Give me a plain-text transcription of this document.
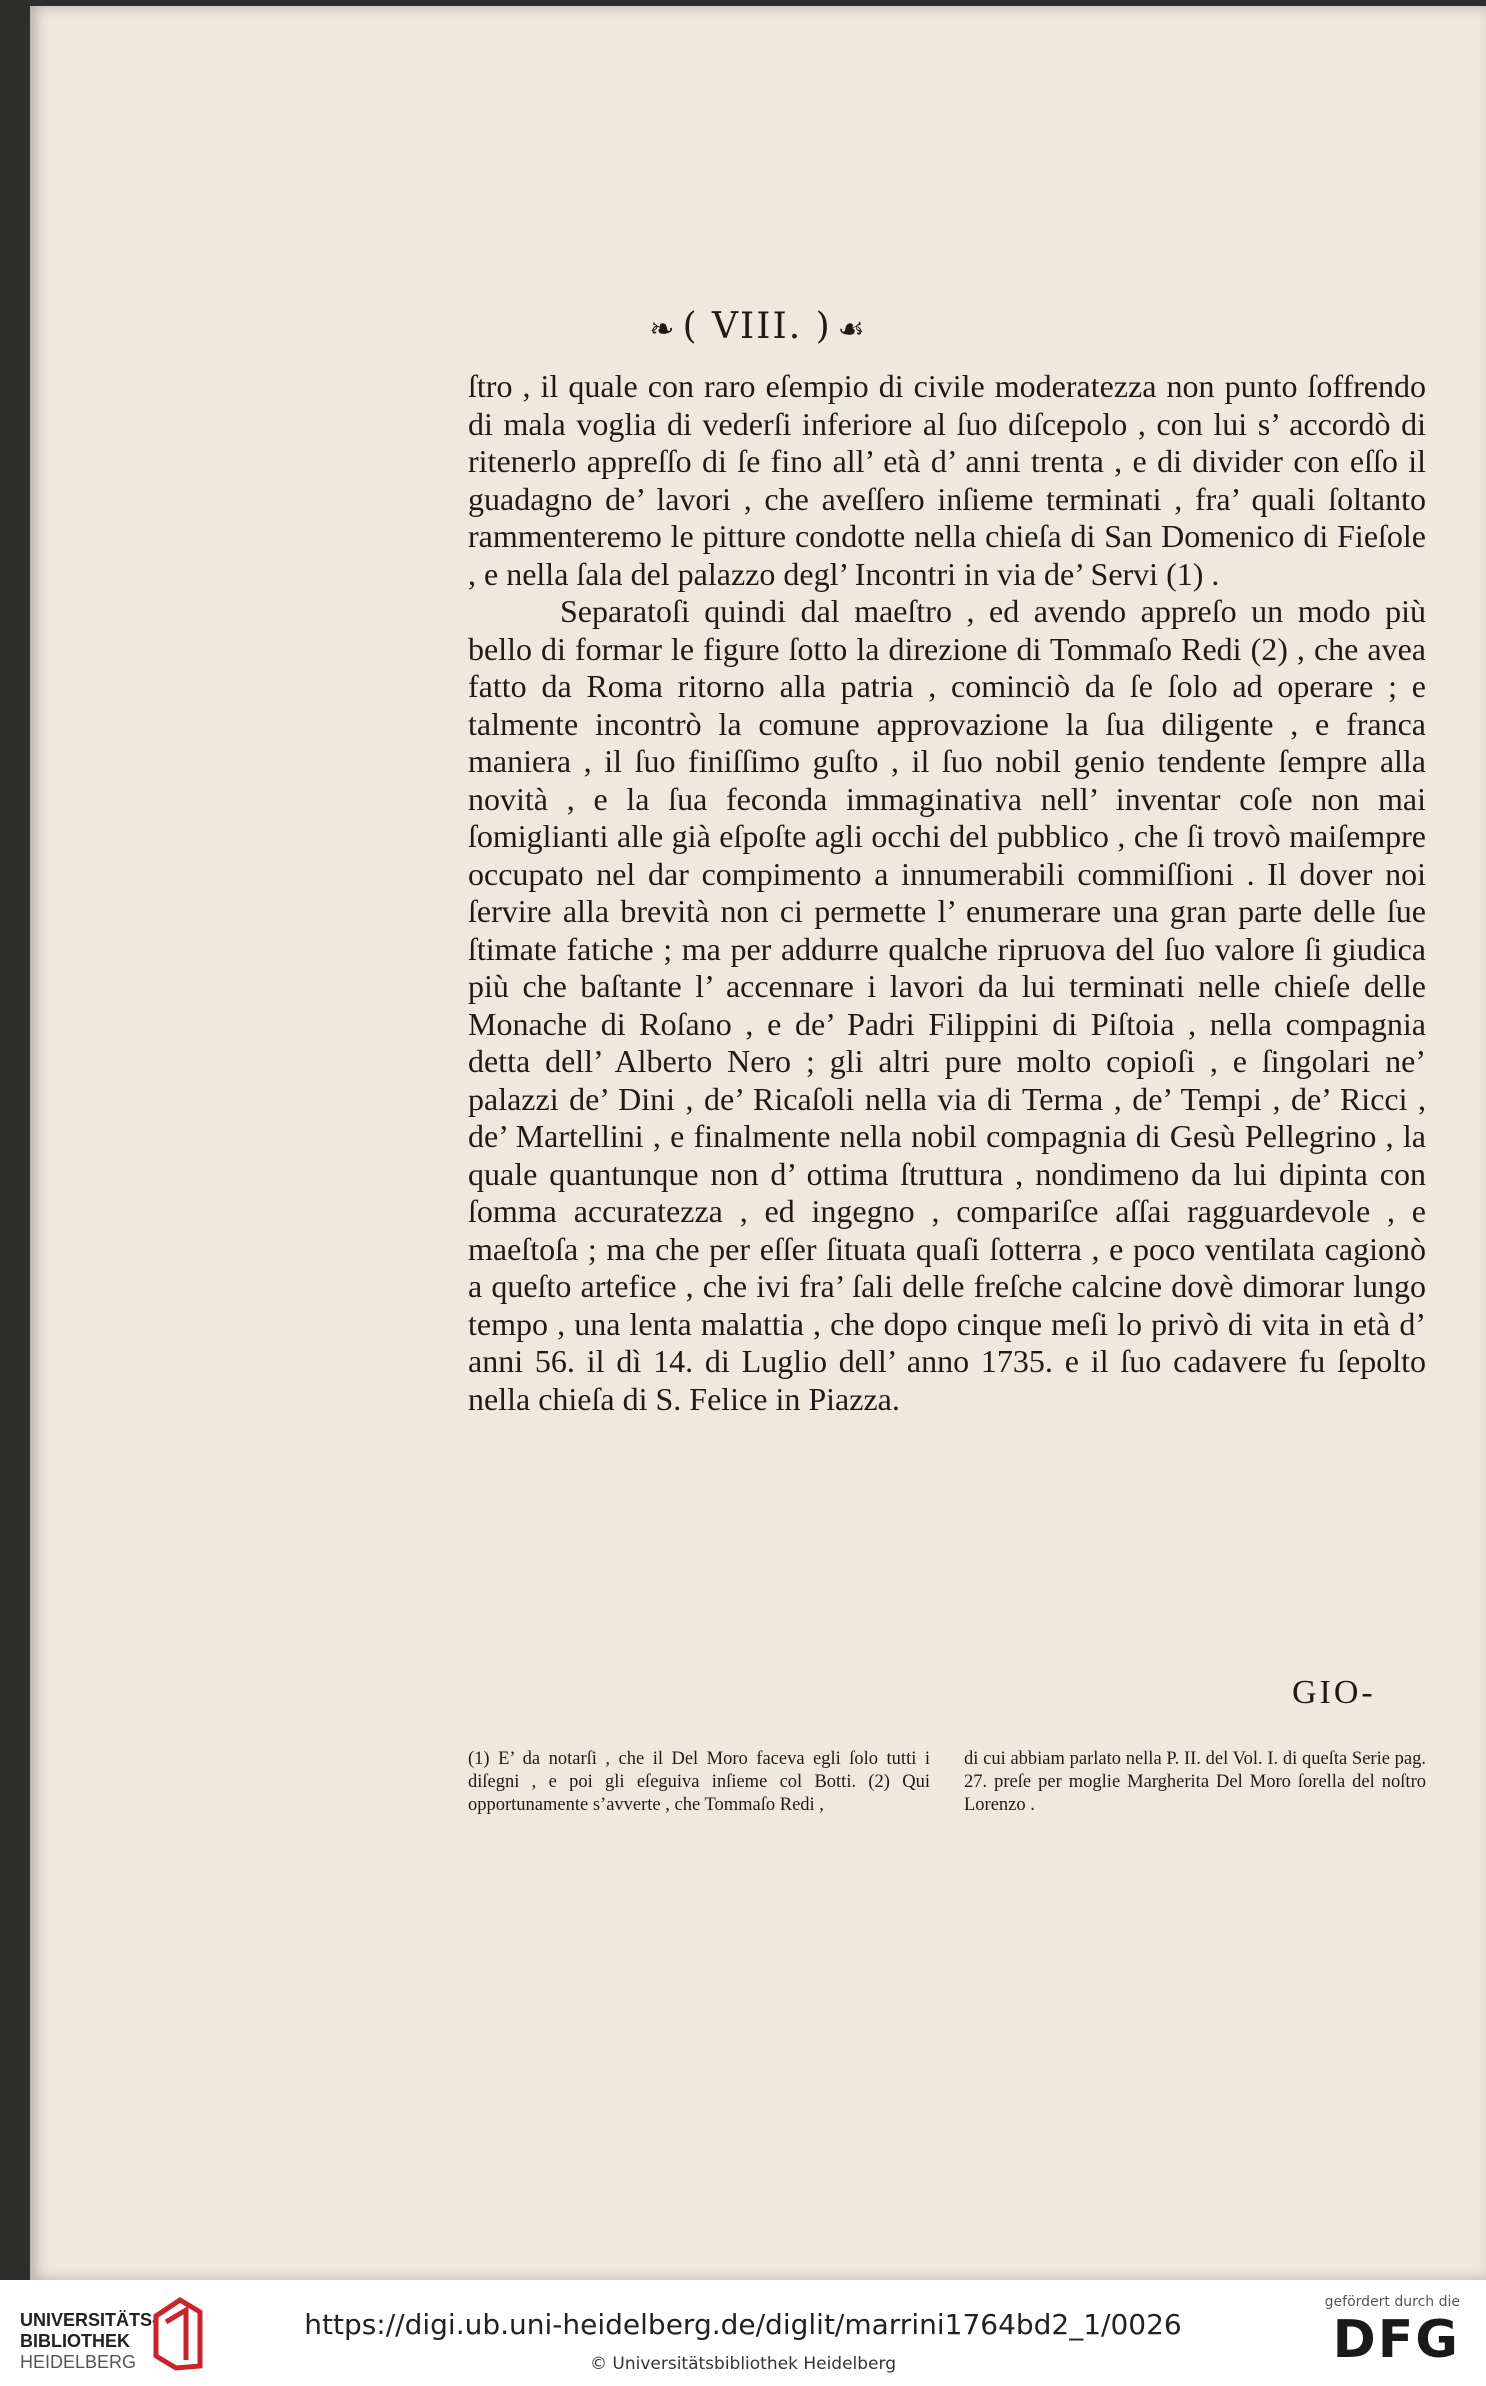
❧ ( VIII. ) ☙

ſtro , il quale con raro eſempio di civile moderatezza non punto ſoffrendo di mala voglia di vederſi inferiore al ſuo diſcepolo , con lui s’ accordò di ritenerlo appreſſo di ſe fino all’ età d’ anni trenta , e di divider con eſſo il guadagno de’ lavori , che aveſſero inſieme terminati , fra’ quali ſoltanto rammenteremo le pitture condotte nella chieſa di San Domenico di Fieſole , e nella ſala del palazzo degl’ Incontri in via de’ Servi (1) .

Separatoſi quindi dal maeſtro , ed avendo appreſo un modo più bello di formar le figure ſotto la direzione di Tommaſo Redi (2) , che avea fatto da Roma ritorno alla patria , cominciò da ſe ſolo ad operare ; e talmente incontrò la comune approvazione la ſua diligente , e franca maniera , il ſuo finiſſimo guſto , il ſuo nobil genio tendente ſempre alla novità , e la ſua feconda immaginativa nell’ inventar coſe non mai ſomiglianti alle già eſpoſte agli occhi del pubblico , che ſi trovò maiſempre occupato nel dar compimento a innumerabili commiſſioni . Il dover noi ſervire alla brevità non ci permette l’ enumerare una gran parte delle ſue ſtimate fatiche ; ma per addurre qualche ripruova del ſuo valore ſi giudica più che baſtante l’ accennare i lavori da lui terminati nelle chieſe delle Monache di Roſano , e de’ Padri Filippini di Piſtoia , nella compagnia detta dell’ Alberto Nero ; gli altri pure molto copioſi , e ſingolari ne’ palazzi de’ Dini , de’ Ricaſoli nella via di Terma , de’ Tempi , de’ Ricci , de’ Martellini , e finalmente nella nobil compagnia di Gesù Pellegrino , la quale quantunque non d’ ottima ſtruttura , nondimeno da lui dipinta con ſomma accuratezza , ed ingegno , compariſce aſſai ragguardevole , e maeſtoſa ; ma che per eſſer ſituata quaſi ſotterra , e poco ventilata cagionò a queſto artefice , che ivi fra’ ſali delle freſche calcine dovè dimorar lungo tempo , una lenta malattia , che dopo cinque meſi lo privò di vita in età d’ anni 56. il dì 14. di Luglio dell’ anno 1735. e il ſuo cadavere fu ſepolto nella chieſa di S. Felice in Piazza.

GIO-

(1) E’ da notarſi , che il Del Moro faceva egli ſolo tutti i diſegni , e poi gli eſeguiva inſieme col Botti. (2) Qui opportunamente s’avverte , che Tommaſo Redi ,

di cui abbiam parlato nella P. II. del Vol. I. di queſta Serie pag. 27. preſe per moglie Margherita Del Moro ſorella del noſtro Lorenzo .

UNIVERSITÄTS-
BIBLIOTHEK
HEIDELBERG
https://digi.ub.uni-heidelberg.de/diglit/marrini1764bd2_1/0026
© Universitätsbibliothek Heidelberg
gefördert durch die
DFG
